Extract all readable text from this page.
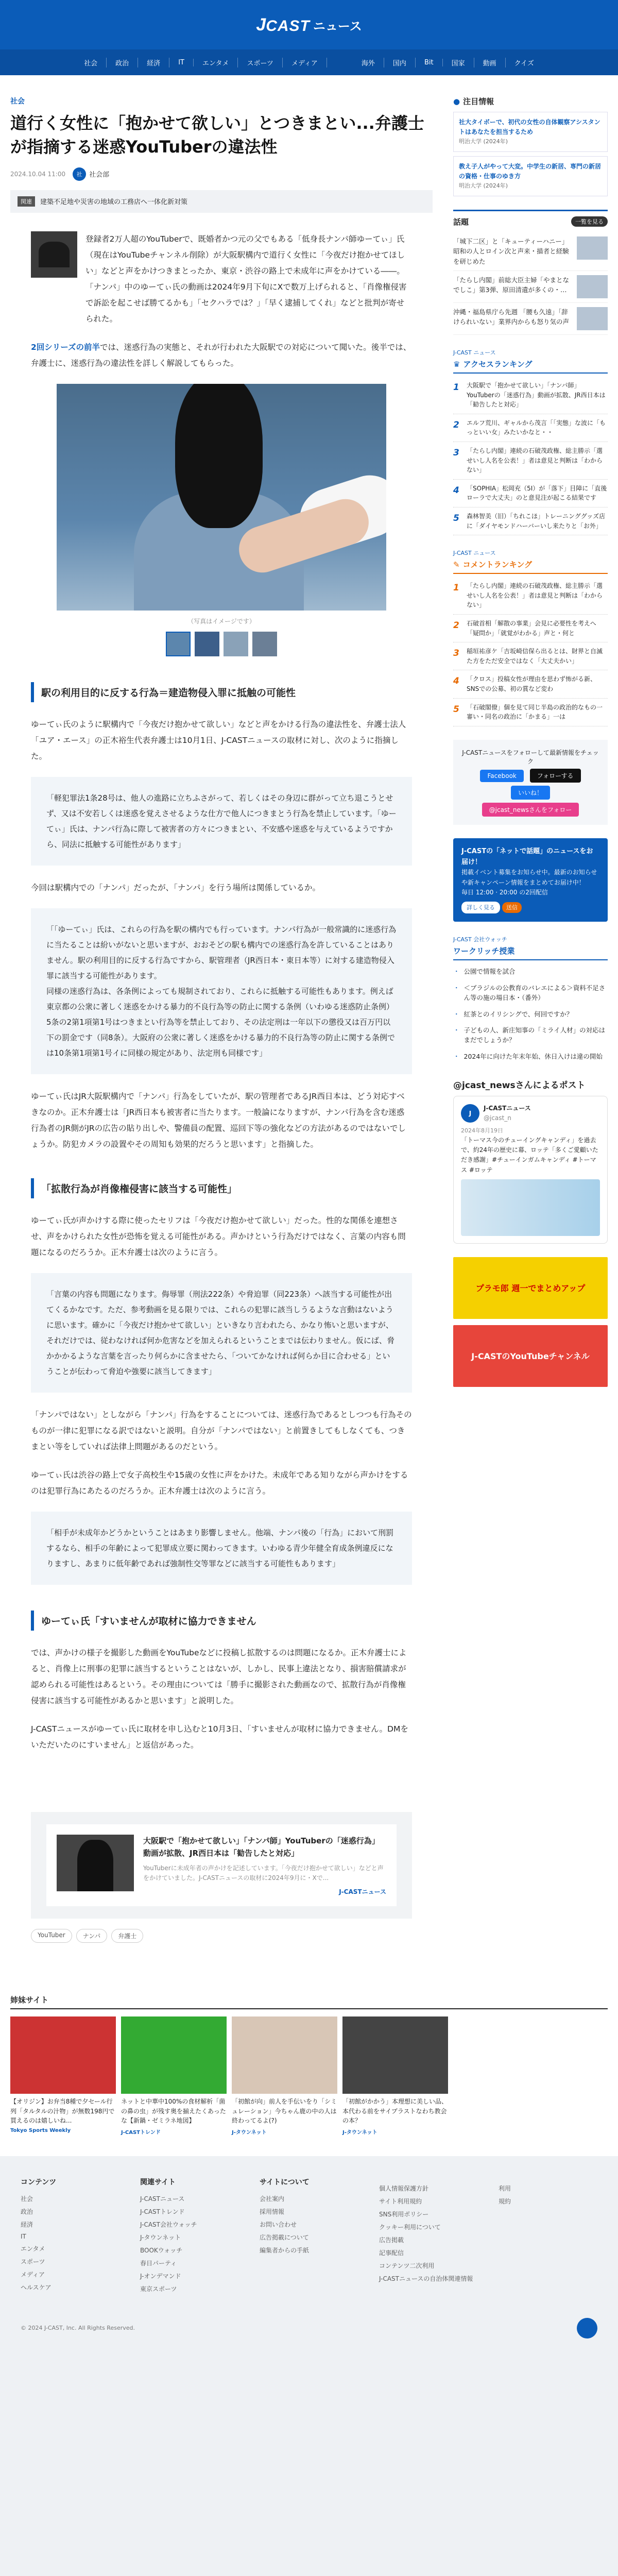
J CAST ニュース
社会	政治	経済	IT	エンタメ	スポーツ	メディア	海外	国内	Bit	国家	動画	クイズ
社会
道行く女性に「抱かせて欲しい」とつきまとい...弁護士が指摘する迷惑YouTuberの違法性
2024.10.04 11:00	社	社会部
関連	建築不足地や災害の地域の工務店へ一体化新対策

登録者2万人超のYouTuberで、既婚者かつ元の父でもある「低身長ナンパ師ゆーてぃ」氏（現在はYouTubeチャンネル削除）が大阪駅構内で道行く女性に「今夜だけ抱かせてほしい」などと声をかけつきまとったか、東京・渋谷の路上で未成年に声をかけている――。「ナンパ」中のゆーてぃ氏の動画は2024年9月下旬にXで数万上げられると、「肖像権侵害で訴訟を起こせば勝てるかも」「セクハラでは？」「早く逮捕してくれ」などと批判が寄せられた。

2回シリーズの前半では、迷惑行為の実態と、それが行われた大阪駅での対応について聞いた。後半では、弁護士に、迷惑行為の違法性を詳しく解説してもらった。

（写真はイメージです）
駅の利用目的に反する行為＝建造物侵入罪に抵触の可能性

ゆーてぃ氏のように駅構内で「今夜だけ抱かせて欲しい」などと声をかける行為の違法性を、弁護士法人「ユア・エース」の正木裕生代表弁護士は10月1日、J-CASTニュースの取材に対し、次のように指摘した。

「軽犯罪法1条28号は、他人の進路に立ちふさがって、若しくはその身辺に群がって立ち退こうとせず、又は不安若しくは迷惑を覚えさせるような仕方で他人につきまとう行為を禁止しています。「ゆーてぃ」氏は、ナンパ行為に際して被害者の方々につきまとい、不安感や迷惑を与えているようですから、同法に抵触する可能性があります」

今回は駅構内での「ナンパ」だったが、「ナンパ」を行う場所は関係しているか。

「「ゆーてぃ」氏は、これらの行為を駅の構内でも行っています。ナンパ行為が一般常識的に迷惑行為に当たることは紛いがないと思いますが、おおそどの駅も構内での迷惑行為を許していることはありません。駅の利用目的に反する行為ですから、駅管理者（JR西日本・東日本等）に対する建造物侵入罪に該当する可能性があります。
同様の迷惑行為は、各条例によっても規制されており、これらに抵触する可能性もあります。例えば東京都の公衆に著しく迷惑をかける暴力的不良行為等の防止に関する条例（いわゆる迷惑防止条例）5条の2第1項第1号はつきまとい行為等を禁止しており、その法定刑は一年以下の懲役又は百万円以下の罰金です（同8条）。大阪府の公衆に著しく迷惑をかける暴力的不良行為等の防止に関する条例では10条第1項第1号イに同様の規定があり、法定刑も同様です」

ゆーてぃ氏はJR大阪駅構内で「ナンパ」行為をしていたが、駅の管理者であるJR西日本は、どう対応すべきなのか。正木弁護士は「JR西日本も被害者に当たります。一般論になりますが、ナンパ行為を含む迷惑行為者のJR側がJRの広告の貼り出しや、警備員の配置、巡回下等の強化などの方法があるのではないでしょうか。防犯カメラの設置やその周知も効果的だろうと思います」と指摘した。

「拡散行為が肖像権侵害に該当する可能性」

ゆーてぃ氏が声かけする際に使ったセリフは「今夜だけ抱かせて欲しい」だった。性的な関係を連想させ、声をかけられた女性が恐怖を覚える可能性がある。声かけという行為だけではなく、言葉の内容も問題になるのだろうか。正木弁護士は次のように言う。

「言葉の内容も問題になります。侮辱罪（刑法222条）や脅迫罪（同223条）へ該当する可能性が出てくるかなです。ただ、参考動画を見る限りでは、これらの犯罪に該当しうるような言動はないように思います。確かに「今夜だけ抱かせて欲しい」といきなり言われたら、かなり怖いと思いますが、それだけでは、従わなければ何か危害などを加えられるということまでは伝わりません。仮にば、脅かかかるような言葉を言ったり何らかに含ませたら、「ついてかなければ何らか目に合わせる」ということが伝わって脅迫や強要に該当してきます」

「ナンパではない」としながら「ナンパ」行為をすることについては、迷惑行為であるとしつつも行為そのものが一律に犯罪になる訳ではないと説明。自分が「ナンパではない」と前置きしてもしなくても、つきまとい等をしていれば法律上問題があるのだという。

ゆーてぃ氏は渋谷の路上で女子高校生や15歳の女性に声をかけた。未成年である知りながら声かけをするのは犯罪行為にあたるのだろうか。正木弁護士は次のように言う。

「相手が未成年かどうかということはあまり影響しません。他端、ナンパ後の「行為」において刑罰するなら、相手の年齢によって犯罪成立要に関わってきます。いわゆる青少年健全育成条例違反になりますし、あまりに低年齢であれば強制性交等罪などに該当する可能性もあります」

ゆーてぃ氏「すいませんが取材に協力できません

では、声かけの様子を撮影した動画をYouTubeなどに投稿し拡散するのは問題になるか。正木弁護士によると、肖像上に刑事の犯罪に該当するということはないが、しかし、民事上違法となり、損害賠償請求が認められる可能性はあるという。その理由については「勝手に撮影された動画なので、拡散行為が肖像権侵害に該当する可能性があるかと思います」と説明した。

J-CASTニュースがゆーてぃ氏に取材を申し込むと10月3日、「すいませんが取材に協力できません。DMをいただいたのにすいません」と返信があった。

大阪駅で「抱かせて欲しい」「ナンパ師」YouTuberの「迷惑行為」動画が拡散、JR西日本は「勧告したと対応」
YouTuberに未成年者の声かけを記述しています。「今夜だけ抱かせて欲しい」などと声をかけていました。J-CASTニュースの取材に2024年9月に・Xで...
J-CASTニュース
YouTuber	ナンパ	弁護士
● 注目情報
社大タイボーで、初代の女性の自体観察アシスタントはあなたを担当するため
明治大学 (2024年)
教え子人がやって大変。中学生の新居、専門の新居の資格・仕事のゆき方
明治大学 (2024年)
話題	一覧を見る
「城下二区」と「キューティーハニー」昭和の人とロイン次と声来・描者と経験を研じめた
「たらし内閣」前総大臣主婦「やまとなでしこ」第3弾、原田清遺が多くの・…
沖縄・福島県庁ら先週 「腰も久遠」「辞けられいない」業界内からも怒り気の声
J-CAST ニュース
♛ アクセスランキング
1	大阪駅で「抱かせて欲しい」「ナンパ師」YouTuberの「迷惑行為」動画が拡散、JR西日本は「勧告したと対応」
2	エルフ荒川、ギャルから茂言「「実態」な波に「もっといい女」みたいかなと・・
3	「たらし内閣」連続の石破茂政権、総主勝示「選せいし人名を公表！」者は意見と判断は「わからない」
4	「SOPHIA」松岡充（5I）が「落下」目障に「直後ローラで大丈夫」のと意見注が起こる結果です
5	森林智美（旧）「ちれこほ」トレーニンググッズ店に「ダイヤモンドハーバーいし来たりと「お外」
J-CAST ニュース
✎ コメントランキング
1	「たらし内閣」連続の石破茂政権、総主勝示「選せいし人名を公表！」者は意見と判断は「わからない」
2	石破首相「解散の事業」会見に必要性を考えへ「疑問か」「就覚がわかる」声と・何と
3	稲垣祐彦ケ「吉坂崎信保ら出るとは、財界と自滅た方をただ安全ではなく「大丈夫かい」
4	「クロス」投稿女性が理由を思わず怖がる新、SNSでの公募、初の賞など変わ
5	「石破閣僚」個を見て同じ半島の政治的なもの一審い・同名の政治に「かまる」一は
J-CASTニュースをフォローして最新情報をチェック
Facebook	フォローする
いいね！ @jcast_newsさんをフォロー
J-CASTの「ネットで話題」のニュースをお届け！
掲載イベント募集をお知らせ中。最新のお知らせや新キャンペーン情報をまとめてお届け中！
毎日 12:00 · 20:00 の2回配信
詳しく見る 送信
J-CAST 会社ウォッチ
ワークリッチ授業
・ 公園で情報を試合
・ ＜ブラジルの公教育のバレエによる＞資料不足さん等の施の場日本・（番外）
・ 紅茶とのイリシングで、何回ですか？
・ 子どもの人、新庄知事の「ミライ人材」の対応はまだでしょうか？
・ 2024年に向けた年末年始、休日入けは違の開始
@jcast_newsさんによるポスト
J
J-CASTニュース
@jcast_n
2024年8月19日
「トーマス今のチューイングキャンディ」を過去で、約24年の歴史に幕、ロッテ「多くご愛顧いただき感謝」#チューインガムキャンディ #トーマス #ロッテ
プラモ郎 週一でまとめアップ
J-CASTのYouTubeチャンネル
姉妹サイト
【オリジン】お弁当8種で夕セール行列「タルタルの汁物」が無数198円で買えるのは嬉しいね...
Tokyo Sports Weekly
ネットと中華中100%の食材解析「菌の鼻の虫」が残す奥を揃えたくあったな【新鍋・ゼミラネ地図】
J-CASTトレンド
「初館が向」前人を手伝いをり「シミュレーション」今ちゃん鹿の中の人は終わってるよ(?)
J-タウンネット
「初館がかかう」本理想に美しい品、本代わる前をサイプラストなわち教会の本？
J-タウンネット
コンテンツ
社会
政治
経済
IT
エンタメ
スポーツ
メディア
ヘルスケア
関連サイト
J-CASTニュース
J-CASTトレンド
J-CAST会社ウォッチ
J-タウンネット
BOOKウォッチ
春日パーティ
J-オンデマンド
東京スポーツ
サイトについて
会社案内
採用情報
お問い合わせ
広告掲載について
編集者からの手紙
個人情報保護方針
サイト利用規約
SNS利用ポリシー
クッキー利用について
広告掲載
記事配信
コンテンツ二次利用
J-CASTニュースの自治体関連情報
利用
規約
© 2024 J-CAST, Inc. All Rights Reserved.
